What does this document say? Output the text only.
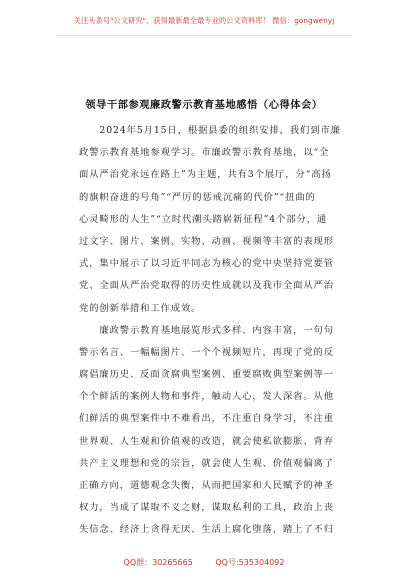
关注头条号"公文研究"，获得最新最全最专业的公文资料库！ 微信：gongwenyj
领导干部参观廉政警示教育基地感悟（心得体会）
　　2024年5月15日，根据县委的组织安排，我们到市廉
政警示教育基地参观学习。市廉政警示教育基地，以“全
面从严治党永远在路上”为主题，共有3个展厅，分“高扬
的旗帜奋进的号角”“严厉的惩戒沉痛的代价”“扭曲的
心灵畸形的人生”“立时代潮头踏崭新征程”4个部分，通
过文字、图片、案例、实物、动画、视频等丰富的表现形
式，集中展示了以习近平同志为核心的党中央坚持党要管
党、全面从严治党取得的历史性成就以及我市全面从严治
党的创新举措和工作成效。
　　廉政警示教育基地展览形式多样、内容丰富，一句句
警示名言、一幅幅图片、一个个视频短片，再现了党的反
腐倡廉历史、反面贪腐典型案例、重要腐败典型案例等一
个个鲜活的案例人物和事件，触动人心，发人深省。从他
们鲜活的典型案件中不难看出，不注重自身学习，不注重
世界观、人生观和价值观的改造，就会使私欲膨胀、背弃
共产主义理想和党的宗旨，就会使人生观、价值观偏离了
正确方向，道德观念失衡，从而把国家和人民赋予的神圣
权力，当成了谋取不义之财，谋取私利的工具，政治上丧
失信念、经济上贪得无厌、生活上腐化堕落，踏上了不归
QQ群：30265665	QQ号:535304092
